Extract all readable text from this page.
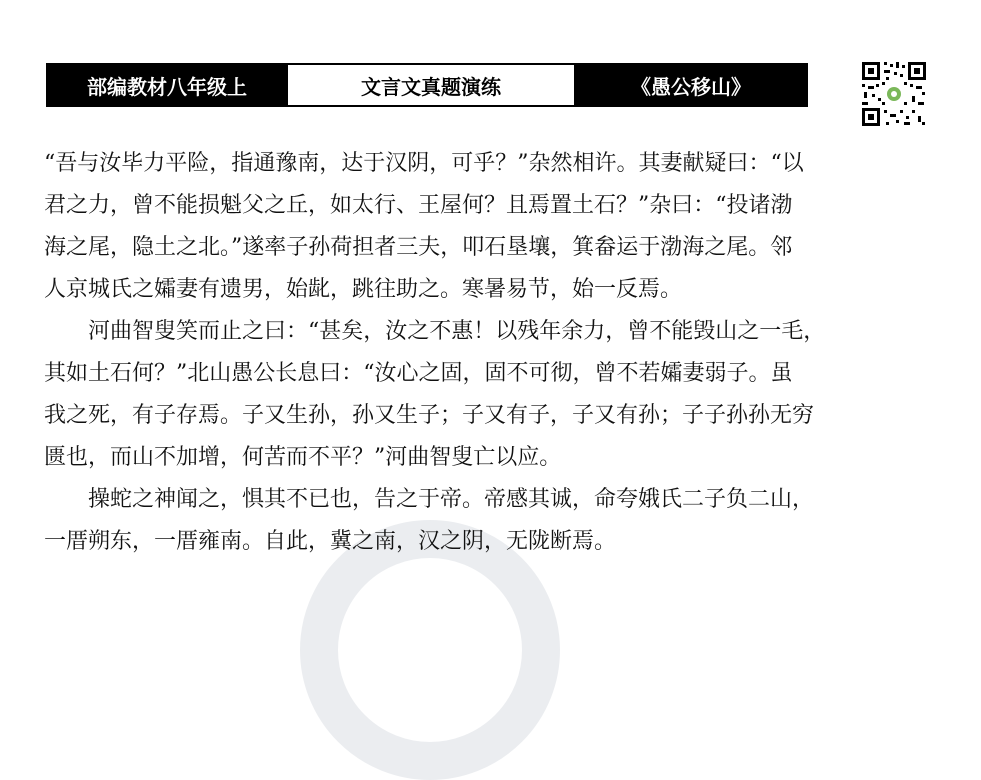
部编教材八年级上	文言文真题演练	《愚公移山》
“吾与汝毕力平险，指通豫南，达于汉阴，可乎？”杂然相许。其妻献疑曰：“以
君之力，曾不能损魁父之丘，如太行、王屋何？且焉置土石？”杂曰：“投诸渤
海之尾，隐土之北。”遂率子孙荷担者三夫，叩石垦壤，箕畚运于渤海之尾。邻
人京城氏之孀妻有遗男，始龀，跳往助之。寒暑易节，始一反焉。
河曲智叟笑而止之曰：“甚矣，汝之不惠！以残年余力，曾不能毁山之一毛，
其如土石何？”北山愚公长息曰：“汝心之固，固不可彻，曾不若孀妻弱子。虽
我之死，有子存焉。子又生孙，孙又生子；子又有子，子又有孙；子子孙孙无穷
匮也，而山不加增，何苦而不平？”河曲智叟亡以应。
操蛇之神闻之，惧其不已也，告之于帝。帝感其诚，命夸娥氏二子负二山，
一厝朔东，一厝雍南。自此，冀之南，汉之阴，无陇断焉。
